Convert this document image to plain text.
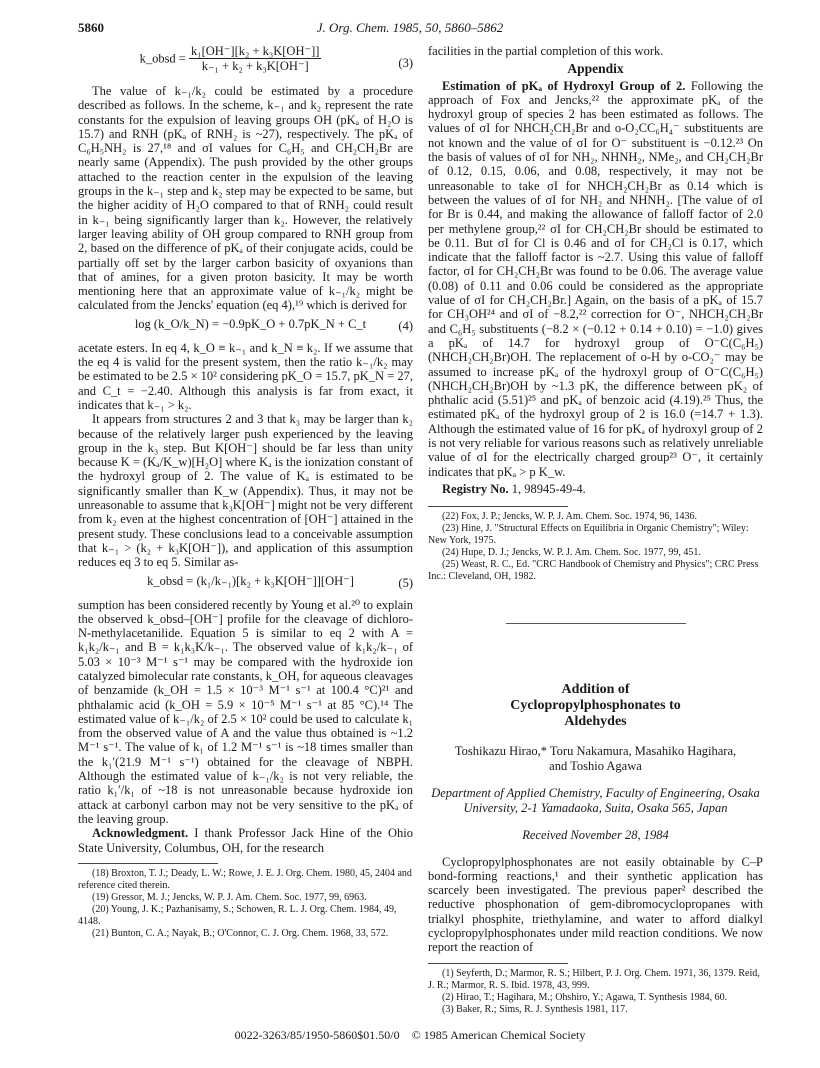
5860	J. Org. Chem. 1985, 50, 5860–5862
k_obsd = $\frac{\text{k₁[OH⁻][k₂ + k₃K[OH⁻]]}}{\text{k₋₁ + k₂ + k₃K[OH⁻]}}$	(3)

The value of k₋₁/k₂ could be estimated by a procedure described as follows. In the scheme, k₋₁ and k₂ represent the rate constants for the expulsion of leaving groups OH (pKₐ of H₂O is 15.7) and RNH (pKₐ of RNH₂ is ~27), respectively. The pKₐ of C₆H₅NH₂ is 27,¹⁸ and σI values for C₆H₅ and CH₂CH₂Br are nearly same (Appendix). The push provided by the other groups attached to the reaction center in the expulsion of the leaving groups in the k₋₁ step and k₂ step may be expected to be same, but the higher acidity of H₂O compared to that of RNH₂ could result in k₋₁ being significantly larger than k₂. However, the relatively larger leaving ability of OH group compared to RNH group from 2, based on the difference of pKₐ of their conjugate acids, could be partially off set by the larger carbon basicity of oxyanions than that of amines, for a given proton basicity. It may be worth mentioning here that an approximate value of k₋₁/k₂ might be calculated from the Jencks' equation (eq 4),¹⁹ which is derived for

log (k_O/k_N) = −0.9pK_O + 0.7pK_N + C_t	(4)

acetate esters. In eq 4, k_O ≡ k₋₁ and k_N ≡ k₂. If we assume that the eq 4 is valid for the present system, then the ratio k₋₁/k₂ may be estimated to be 2.5 × 10² considering pK_O = 15.7, pK_N = 27, and C_t = −2.40. Although this analysis is far from exact, it indicates that k₋₁ > k₂.

It appears from structures 2 and 3 that k₃ may be larger than k₂ because of the relatively larger push experienced by the leaving group in the k₃ step. But K[OH⁻] should be far less than unity because K = (Kₐ/K_w)[H₂O] where Kₐ is the ionization constant of the hydroxyl group of 2. The value of Kₐ is estimated to be significantly smaller than K_w (Appendix). Thus, it may not be unreasonable to assume that k₃K[OH⁻] might not be very different from k₂ even at the highest concentration of [OH⁻] attained in the present study. These conclusions lead to a conceivable assumption that k₋₁ > (k₂ + k₃K[OH⁻]), and application of this assumption reduces eq 3 to eq 5. Similar as-

k_obsd = (k₁/k₋₁)[k₂ + k₃K[OH⁻]][OH⁻]	(5)

sumption has been considered recently by Young et al.²⁰ to explain the observed k_obsd–[OH⁻] profile for the cleavage of dichloro-N-methylacetanilide. Equation 5 is similar to eq 2 with A = k₁k₂/k₋₁ and B = k₁k₃K/k₋₁. The observed value of k₁k₂/k₋₁ of 5.03 × 10⁻³ M⁻¹ s⁻¹ may be compared with the hydroxide ion catalyzed bimolecular rate constants, k_OH, for aqueous cleavages of benzamide (k_OH = 1.5 × 10⁻³ M⁻¹ s⁻¹ at 100.4 °C)²¹ and phthalamic acid (k_OH = 5.9 × 10⁻⁵ M⁻¹ s⁻¹ at 85 °C).¹⁴ The estimated value of k₋₁/k₂ of 2.5 × 10² could be used to calculate k₁ from the observed value of A and the value thus obtained is ~1.2 M⁻¹ s⁻¹. The value of k₁ of 1.2 M⁻¹ s⁻¹ is ~18 times smaller than the k₁′(21.9 M⁻¹ s⁻¹) obtained for the cleavage of NBPH. Although the estimated value of k₋₁/k₂ is not very reliable, the ratio k₁′/k₁ of ~18 is not unreasonable because hydroxide ion attack at carbonyl carbon may not be very sensitive to the pKₐ of the leaving group.

Acknowledgment. I thank Professor Jack Hine of the Ohio State University, Columbus, OH, for the research

(18) Broxton, T. J.; Deady, L. W.; Rowe, J. E. J. Org. Chem. 1980, 45, 2404 and reference cited therein.

(19) Gressor, M. J.; Jencks, W. P. J. Am. Chem. Soc. 1977, 99, 6963.

(20) Young, J. K.; Pazhanisamy, S.; Schowen, R. L. J. Org. Chem. 1984, 49, 4148.

(21) Bunton, C. A.; Nayak, B.; O'Connor, C. J. Org. Chem. 1968, 33, 572.

facilities in the partial completion of this work.

Appendix

Estimation of pKₐ of Hydroxyl Group of 2. Following the approach of Fox and Jencks,²² the approximate pKₐ of the hydroxyl group of species 2 has been estimated as follows. The values of σI for NHCH₂CH₂Br and o-O₂CC₆H₄⁻ substituents are not known and the value of σI for O⁻ substituent is −0.12.²³ On the basis of values of σI for NH₂, NHNH₂, NMe₂, and CH₂CH₂Br of 0.12, 0.15, 0.06, and 0.08, respectively, it may not be unreasonable to take σI for NHCH₂CH₂Br as 0.14 which is between the values of σI for NH₂ and NHNH₂. [The value of σI for Br is 0.44, and making the allowance of falloff factor of 2.0 per methylene group,²² σI for CH₂CH₂Br should be estimated to be 0.11. But σI for Cl is 0.46 and σI for CH₂Cl is 0.17, which indicate that the falloff factor is ~2.7. Using this value of falloff factor, σI for CH₂CH₂Br was found to be 0.06. The average value (0.08) of 0.11 and 0.06 could be considered as the appropriate value of σI for CH₂CH₂Br.] Again, on the basis of a pKₐ of 15.7 for CH₃OH²⁴ and σI of −8.2,²² correction for O⁻, NHCH₂CH₂Br and C₆H₅ substituents (−8.2 × (−0.12 + 0.14 + 0.10) = −1.0) gives a pKₐ of 14.7 for hydroxyl group of O⁻C(C₆H₅)(NHCH₂CH₂Br)OH. The replacement of o-H by o-CO₂⁻ may be assumed to increase pKₐ of the hydroxyl group of O⁻C(C₆H₅)(NHCH₂CH₂Br)OH by ~1.3 pK, the difference between pK₂ of phthalic acid (5.51)²⁵ and pKₐ of benzoic acid (4.19).²⁵ Thus, the estimated pKₐ of the hydroxyl group of 2 is 16.0 (=14.7 + 1.3). Although the estimated value of 16 for pKₐ of hydroxyl group of 2 is not very reliable for various reasons such as relatively unreliable value of σI for the electrically charged group²³ O⁻, it certainly indicates that pKₐ > p K_w.

Registry No. 1, 98945-49-4.

(22) Fox, J. P.; Jencks, W. P. J. Am. Chem. Soc. 1974, 96, 1436.

(23) Hine, J. "Structural Effects on Equilibria in Organic Chemistry"; Wiley: New York, 1975.

(24) Hupe, D. J.; Jencks, W. P. J. Am. Chem. Soc. 1977, 99, 451.

(25) Weast, R. C., Ed. "CRC Handbook of Chemistry and Physics"; CRC Press Inc.: Cleveland, OH, 1982.

Addition of Cyclopropylphosphonates to Aldehydes
Toshikazu Hirao,* Toru Nakamura, Masahiko Hagihara, and Toshio Agawa
Department of Applied Chemistry, Faculty of Engineering, Osaka University, 2-1 Yamadaoka, Suita, Osaka 565, Japan
Received November 28, 1984

Cyclopropylphosphonates are not easily obtainable by C–P bond-forming reactions,¹ and their synthetic application has scarcely been investigated. The previous paper² described the reductive phosphonation of gem-dibromocyclopropanes with trialkyl phosphite, triethylamine, and water to afford dialkyl cyclopropylphosphonates under mild reaction conditions. We now report the reaction of

(1) Seyferth, D.; Marmor, R. S.; Hilbert, P. J. Org. Chem. 1971, 36, 1379. Reid, J. R.; Marmor, R. S. Ibid. 1978, 43, 999.

(2) Hirao, T.; Hagihara, M.; Ohshiro, Y.; Agawa, T. Synthesis 1984, 60.

(3) Baker, R.; Sims, R. J. Synthesis 1981, 117.

0022-3263/85/1950-5860$01.50/0 © 1985 American Chemical Society
